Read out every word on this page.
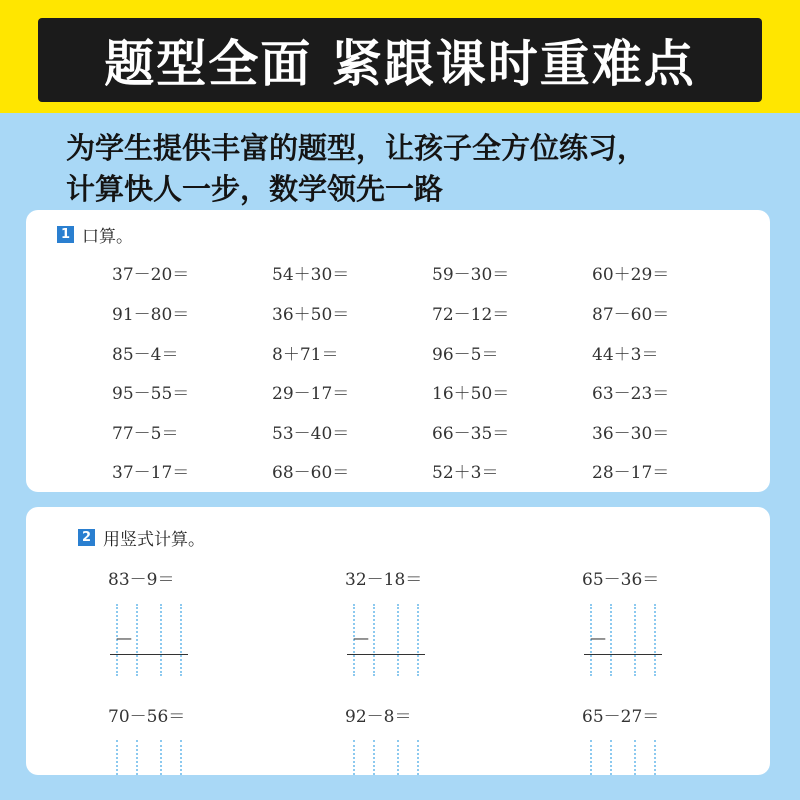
题型全面 紧跟课时重难点
为学生提供丰富的题型，让孩子全方位练习，
计算快人一步，数学领先一路
1 口算。
2 用竖式计算。
37－20＝
91－80＝
85－4＝
95－55＝
77－5＝
37－17＝
54＋30＝
36＋50＝
8＋71＝
29－17＝
53－40＝
68－60＝
59－30＝
72－12＝
96－5＝
16＋50＝
66－35＝
52＋3＝
60＋29＝
87－60＝
44＋3＝
63－23＝
36－30＝
28－17＝
83－9＝
—
32－18＝
—
65－36＝
—
70－56＝	92－8＝	65－27＝
